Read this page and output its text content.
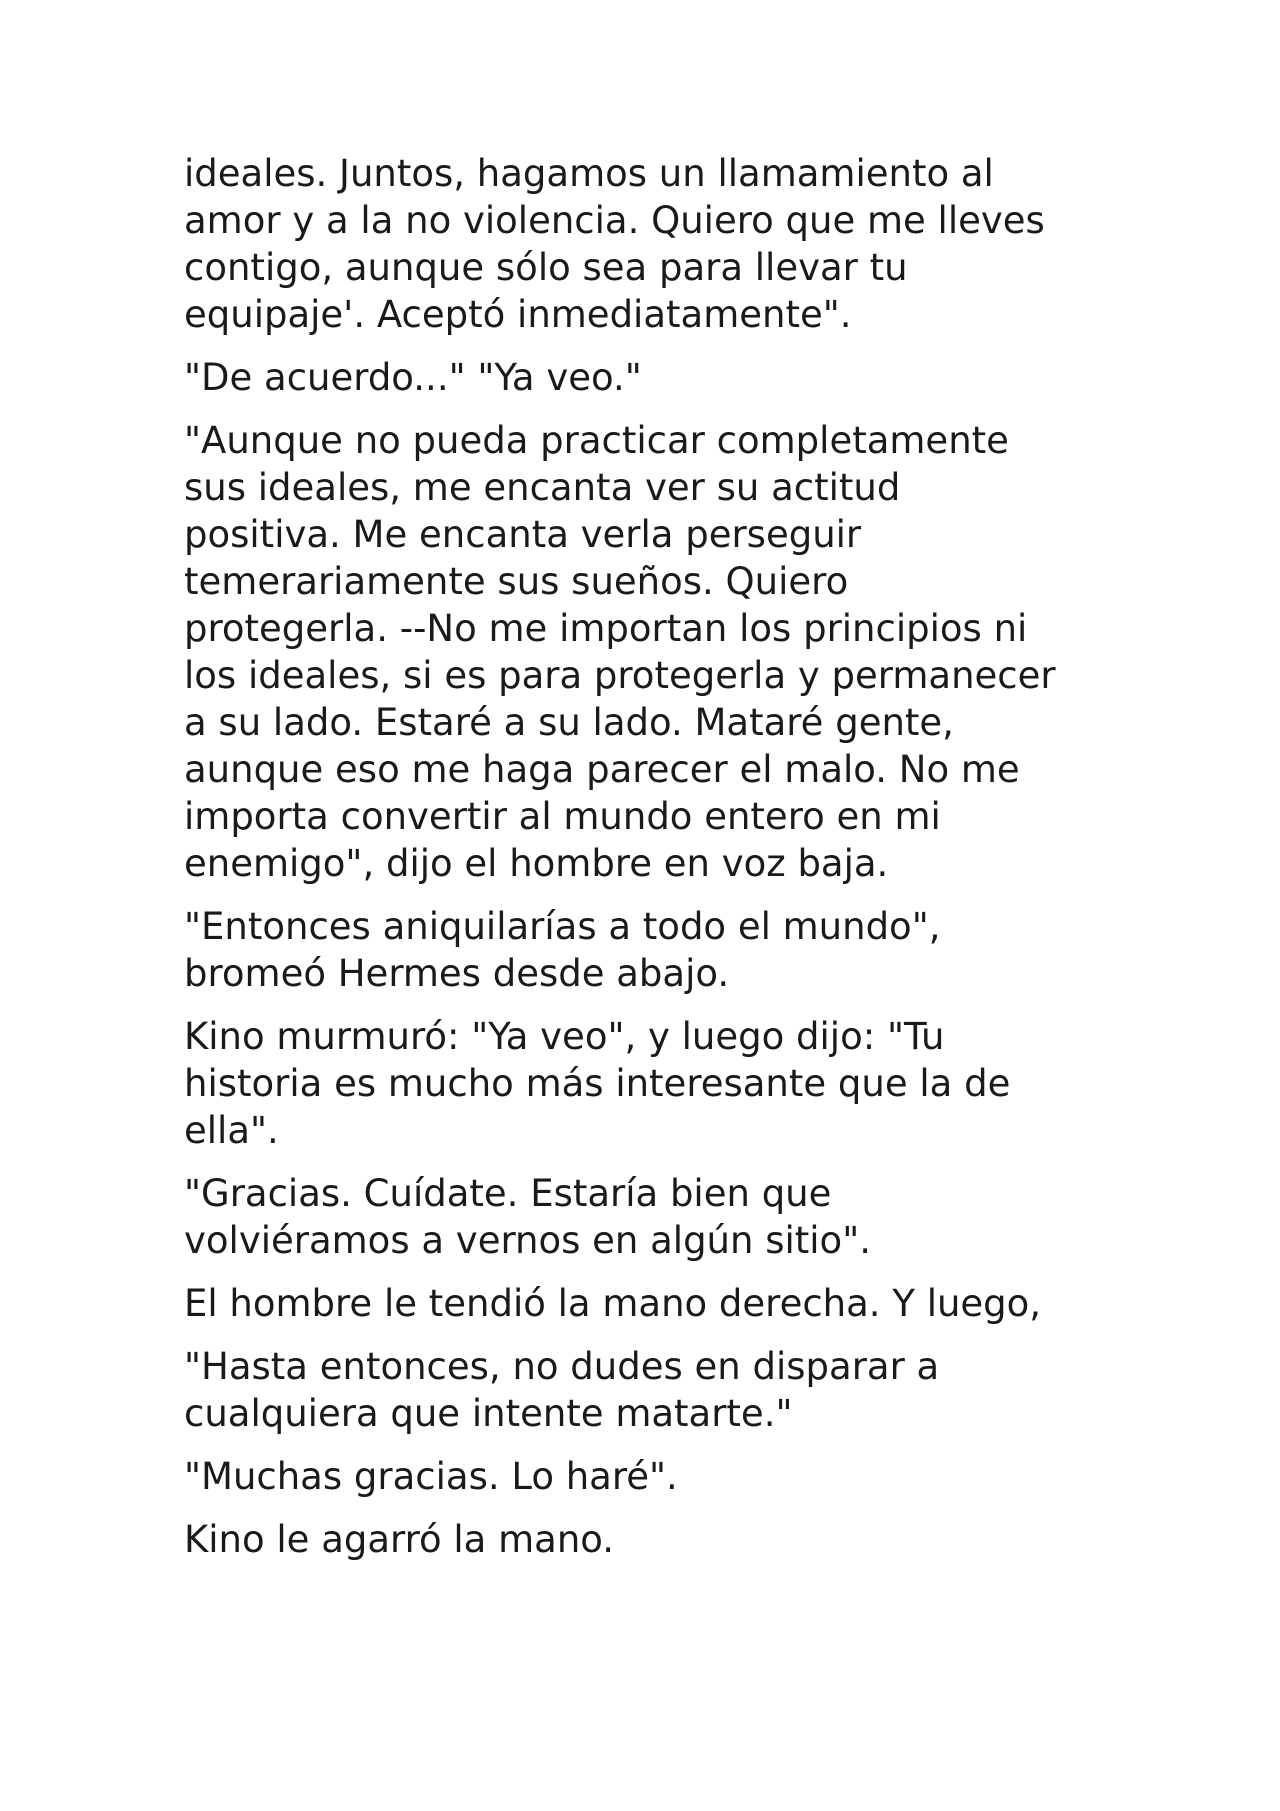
ideales. Juntos, hagamos un llamamiento al
amor y a la no violencia. Quiero que me lleves
contigo, aunque sólo sea para llevar tu
equipaje'. Aceptó inmediatamente".

"De acuerdo..." "Ya veo."

"Aunque no pueda practicar completamente
sus ideales, me encanta ver su actitud
positiva. Me encanta verla perseguir
temerariamente sus sueños. Quiero
protegerla. --No me importan los principios ni
los ideales, si es para protegerla y permanecer
a su lado. Estaré a su lado. Mataré gente,
aunque eso me haga parecer el malo. No me
importa convertir al mundo entero en mi
enemigo", dijo el hombre en voz baja.

"Entonces aniquilarías a todo el mundo",
bromeó Hermes desde abajo.

Kino murmuró: "Ya veo", y luego dijo: "Tu
historia es mucho más interesante que la de
ella".

"Gracias. Cuídate. Estaría bien que
volviéramos a vernos en algún sitio".

El hombre le tendió la mano derecha. Y luego,

"Hasta entonces, no dudes en disparar a
cualquiera que intente matarte."

"Muchas gracias. Lo haré".

Kino le agarró la mano.
